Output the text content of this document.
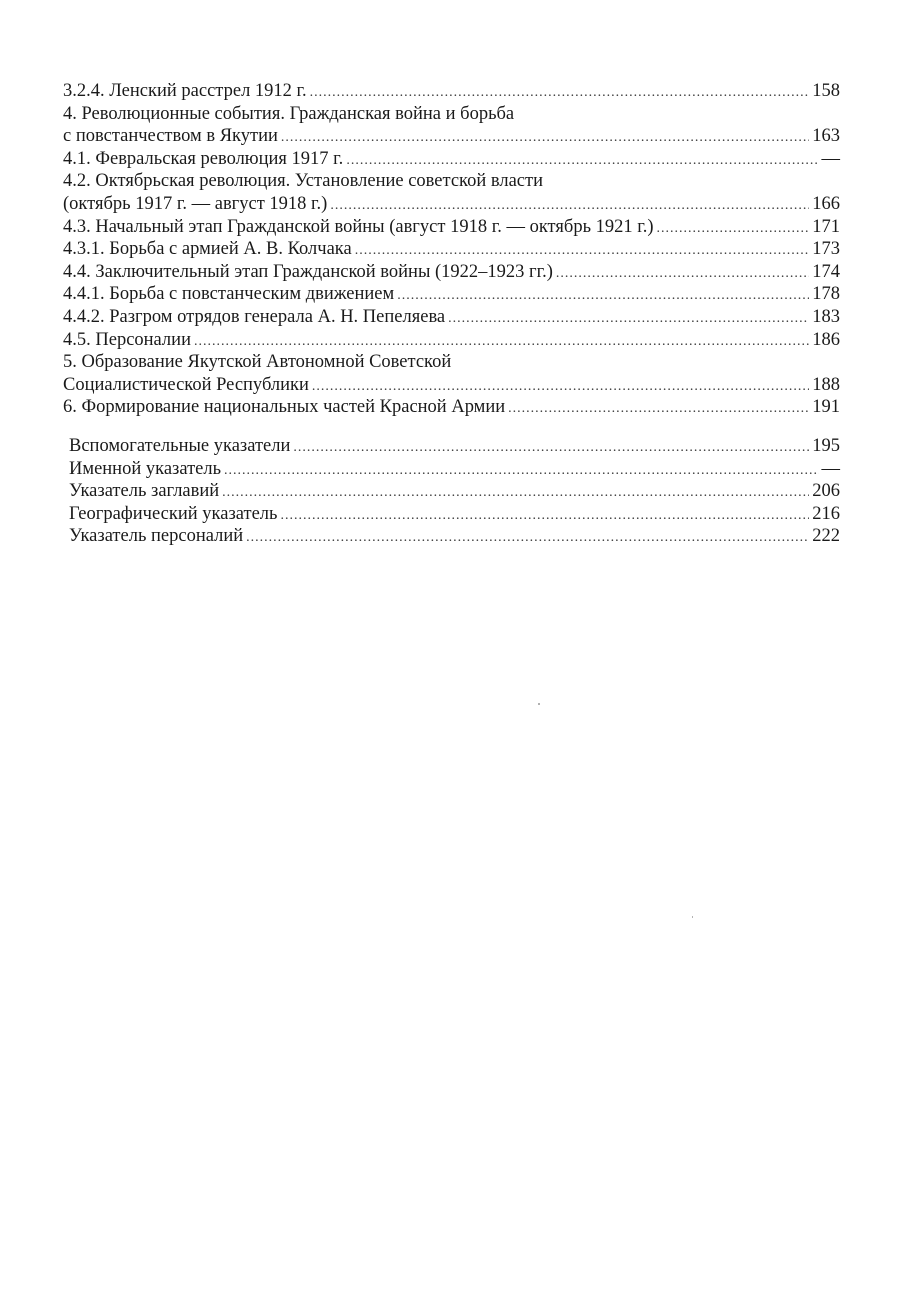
3.2.4. Ленский расстрел 1912 г. .....	158
4. Революционные события. Гражданская война и борьба
с повстанчеством в Якутии .....	163
4.1. Февральская революция 1917 г. .....	—
4.2. Октябрьская революция. Установление советской власти
(октябрь 1917 г. — август 1918 г.) .....	166
4.3. Начальный этап Гражданской войны (август 1918 г. — октябрь 1921 г.) .....	171
4.3.1. Борьба с армией А. В. Колчака .....	173
4.4. Заключительный этап Гражданской войны (1922–1923 гг.) .....	174
4.4.1. Борьба с повстанческим движением .....	178
4.4.2. Разгром отрядов генерала А. Н. Пепеляева .....	183
4.5. Персоналии .....	186
5. Образование Якутской Автономной Советской
Социалистической Республики .....	188
6. Формирование национальных частей Красной Армии .....	191
Вспомогательные указатели .....	195
Именной указатель .....	—
Указатель заглавий .....	206
Географический указатель .....	216
Указатель персоналий .....	222
